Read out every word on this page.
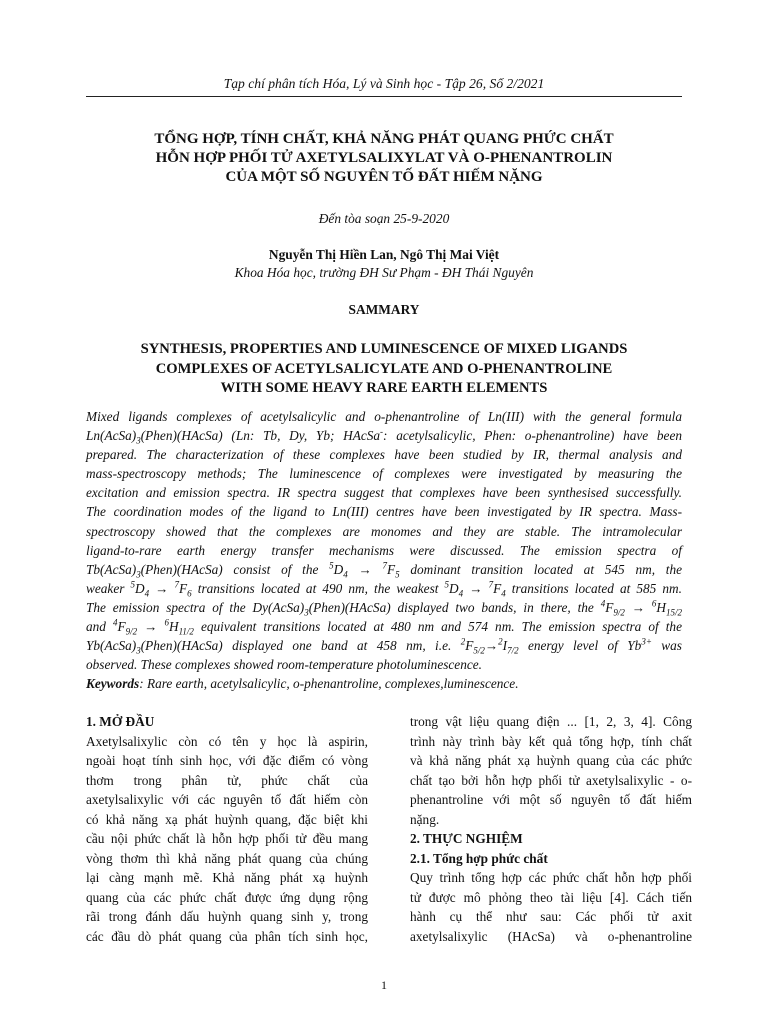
Tạp chí phân tích Hóa, Lý và Sinh học - Tập 26, Số 2/2021
TỔNG HỢP, TÍNH CHẤT, KHẢ NĂNG PHÁT QUANG PHỨC CHẤT
HỖN HỢP PHỐI TỬ AXETYLSALIXYLAT VÀ O-PHENANTROLIN
CỦA MỘT SỐ NGUYÊN TỐ ĐẤT HIẾM NẶNG
Đến tòa soạn 25-9-2020
Nguyễn Thị Hiền Lan, Ngô Thị Mai Việt
Khoa Hóa học, trường ĐH Sư Phạm - ĐH Thái Nguyên
SAMMARY
SYNTHESIS, PROPERTIES AND LUMINESCENCE OF MIXED LIGANDS
COMPLEXES OF ACETYLSALICYLATE AND O-PHENANTROLINE
WITH SOME HEAVY RARE EARTH ELEMENTS
Mixed ligands complexes of acetylsalicylic and o-phenantroline of Ln(III) with the general formula
$Ln(AcSa)_3(Phen)(HAcSa)$ (Ln: Tb, Dy, Yb; HAcSa-: acetylsalicylic, Phen: o-phenantroline) have been
prepared. The characterization of these complexes have been studied by IR, thermal analysis and
mass-spectroscopy methods; The luminescence of complexes were investigated by measuring the
excitation and emission spectra. IR spectra suggest that complexes have been synthesised successfully.
The coordination modes of the ligand to Ln(III) centres have been investigated by IR spectra. Mass-
spectroscopy showed that the complexes are monomes and they are stable. The intramolecular
ligand-to-rare earth energy transfer mechanisms were discussed. The emission spectra of
$Tb(AcSa)_3(Phen)(HAcSa)$ consist of the $^5D_4 \to ^7F_5$ dominant transition located at 545 nm, the
weaker $^5D_4 \to ^7F_6$ transitions located at 490 nm, the weakest $^5D_4 \to ^7F_4$ transitions located at 585 nm.
The emission spectra of the $Dy(AcSa)_3(Phen)(HAcSa)$ displayed two bands, in there, the $^4F_{9/2} \to ^6H_{15/2}$
and $^4F_{9/2} \to ^6H_{11/2}$ equivalent transitions located at 480 nm and 574 nm. The emission spectra of the
$Yb(AcSa)_3(Phen)(HAcSa)$ displayed one band at 458 nm, i.e. $^2F_{5/2}\to^2I_{7/2}$ energy level of $Yb^{3+}$ was
observed. These complexes showed room-temperature photoluminescence.
Keywords: Rare earth, acetylsalicylic, o-phenantroline, complexes,luminescence.
1. MỞ ĐẦU
Axetylsalixylic còn có tên y học là aspirin,
ngoài hoạt tính sinh học, với đặc điểm có vòng
thơm trong phân tử, phức chất của
axetylsalixylic với các nguyên tố đất hiếm còn
có khả năng xạ phát huỳnh quang, đặc biệt khi
cầu nội phức chất là hỗn hợp phối tử đều mang
vòng thơm thì khả năng phát quang của chúng
lại càng mạnh mẽ. Khả năng phát xạ huỳnh
quang của các phức chất được ứng dụng rộng
rãi trong đánh dấu huỳnh quang sinh y, trong
các đầu dò phát quang của phân tích sinh học,
trong vật liệu quang điện ... [1, 2, 3, 4]. Công
trình này trình bày kết quả tổng hợp, tính chất
và khả năng phát xạ huỳnh quang của các phức
chất tạo bởi hỗn hợp phối tử axetylsalixylic - o-
phenantroline với một số nguyên tố đất hiếm
nặng.
2. THỰC NGHIỆM
2.1. Tổng hợp phức chất
Quy trình tổng hợp các phức chất hỗn hợp phối
tử được mô phỏng theo tài liệu [4]. Cách tiến
hành cụ thể như sau: Các phối tử axit
axetylsalixylic (HAcSa) và o-phenantroline
1
